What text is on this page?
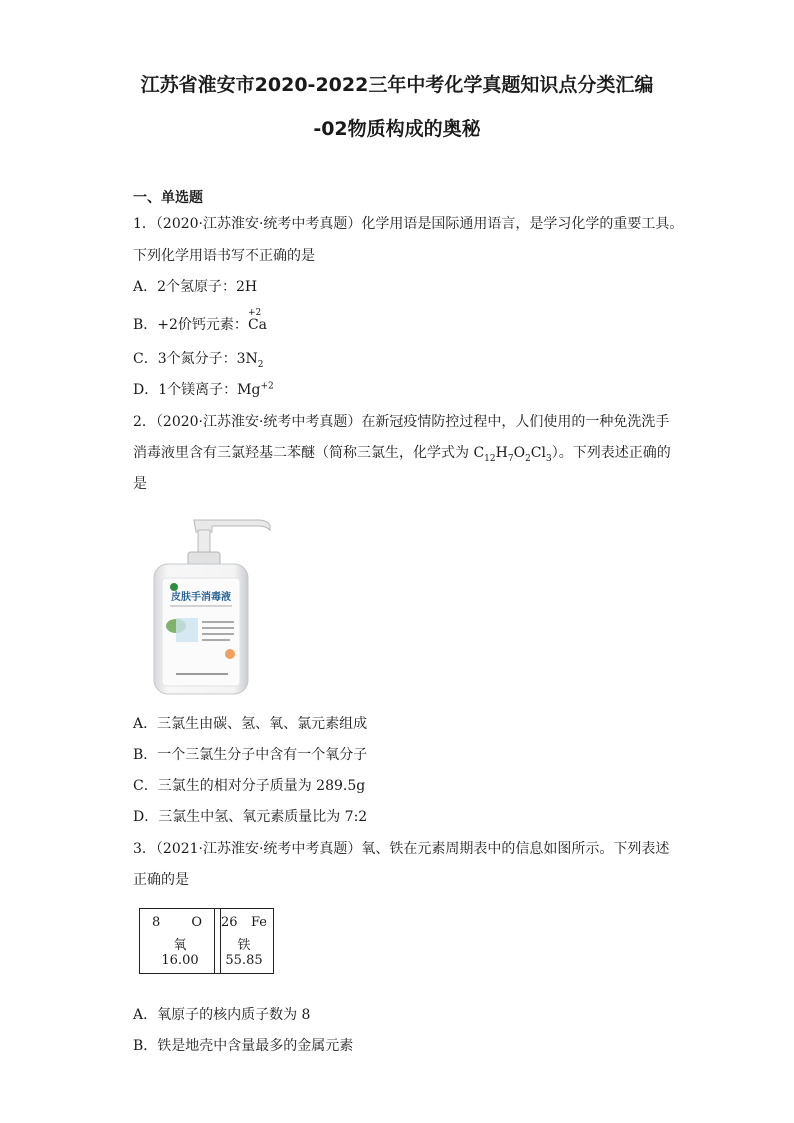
江苏省淮安市2020-2022三年中考化学真题知识点分类汇编
-02物质构成的奥秘
一、单选题
1．（2020·江苏淮安·统考中考真题）化学用语是国际通用语言，是学习化学的重要工具。
下列化学用语书写不正确的是
A．2个氢原子：2H
B．+2价钙元素：
+2
Ca
C．3个氮分子：$3N_2$
D．1个镁离子：$Mg^{+2}$
2．（2020·江苏淮安·统考中考真题）在新冠疫情防控过程中，人们使用的一种免洗洗手
消毒液里含有三氯羟基二苯醚（简称三氯生，化学式为 $C_{12}H_7O_2Cl_3$）。下列表述正确的
是
皮肤手消毒液
A．三氯生由碳、氢、氧、氯元素组成
B．一个三氯生分子中含有一个氧分子
C．三氯生的相对分子质量为 289.5g
D．三氯生中氢、氧元素质量比为 7:2
3．（2021·江苏淮安·统考中考真题）氧、铁在元素周期表中的信息如图所示。下列表述
正确的是
8 O
氧
16.00
26 Fe
铁
55.85
A．氧原子的核内质子数为 8
B．铁是地壳中含量最多的金属元素
